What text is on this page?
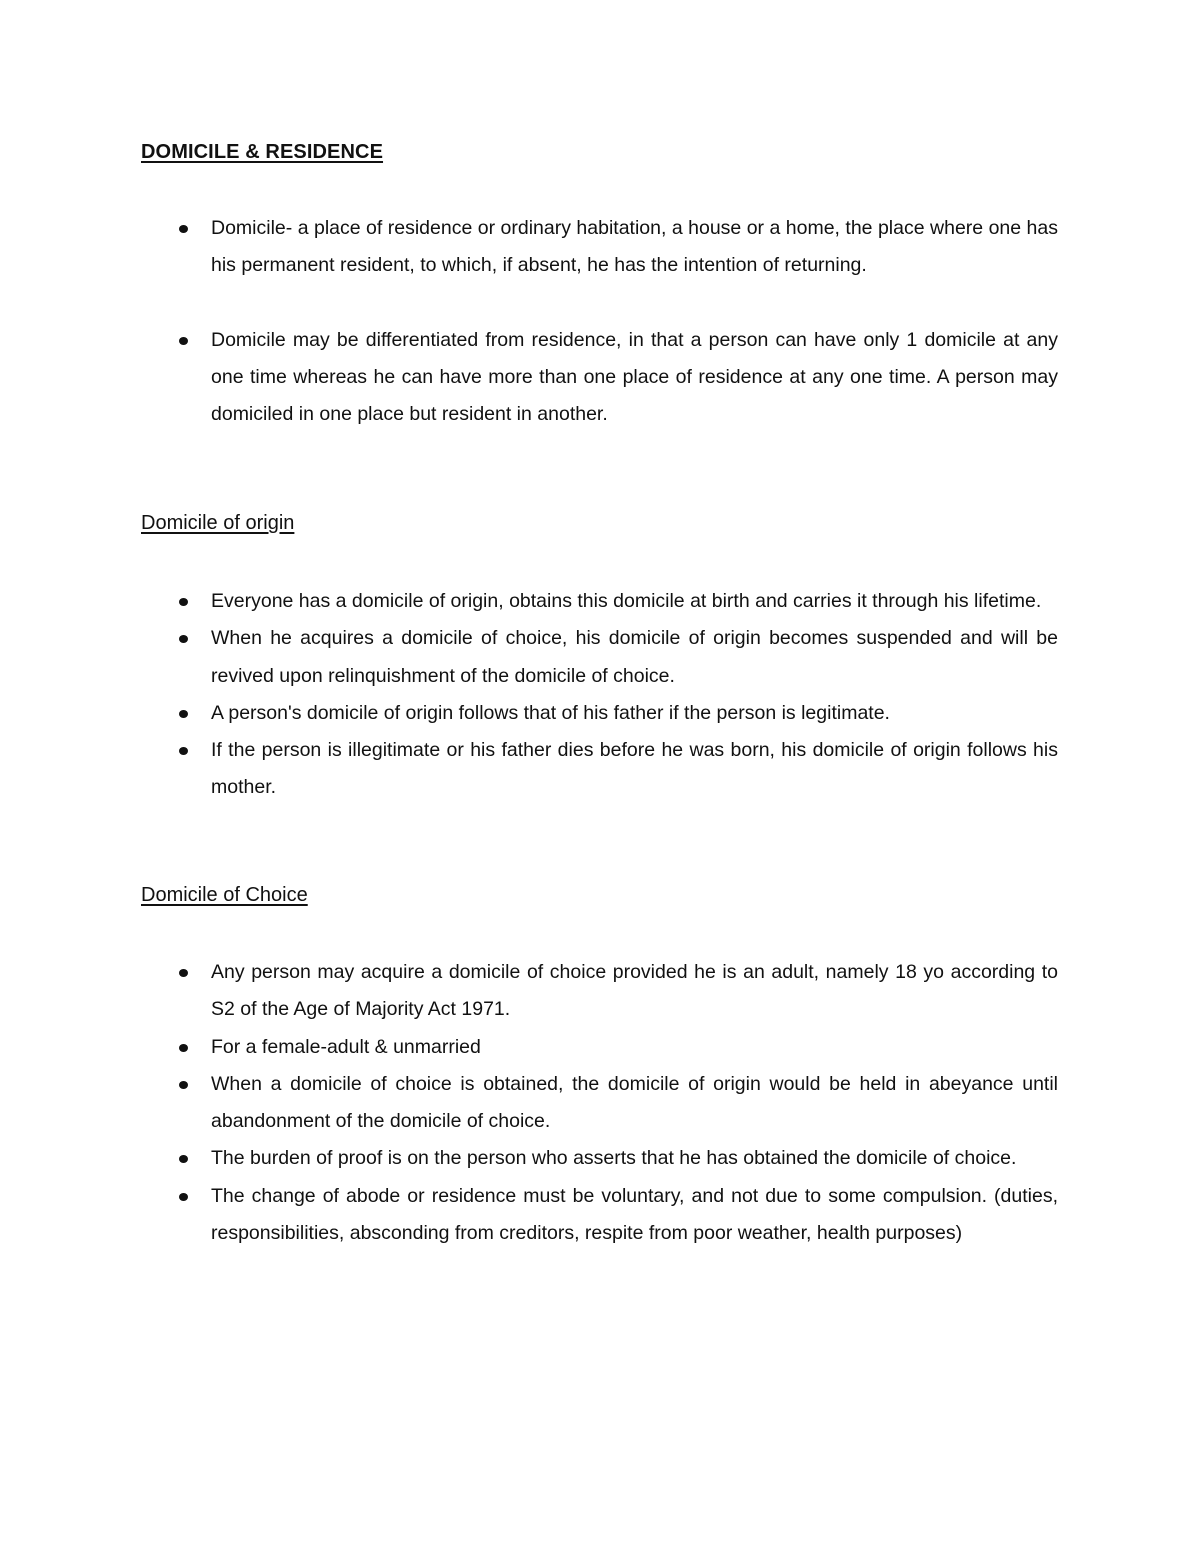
DOMICILE & RESIDENCE
Domicile- a place of residence or ordinary habitation, a house or a home, the place where one has his permanent resident, to which, if absent, he has the intention of returning.
Domicile may be differentiated from residence, in that a person can have only 1 domicile at any one time whereas he can have more than one place of residence at any one time. A person may domiciled in one place but resident in another.
Domicile of origin
Everyone has a domicile of origin, obtains this domicile at birth and carries it through his lifetime.
When he acquires a domicile of choice, his domicile of origin becomes suspended and will be revived upon relinquishment of the domicile of choice.
A person's domicile of origin follows that of his father if the person is legitimate.
If the person is illegitimate or his father dies before he was born, his domicile of origin follows his mother.
Domicile of Choice
Any person may acquire a domicile of choice provided he is an adult, namely 18 yo according to S2 of the Age of Majority Act 1971.
For a female-adult & unmarried
When a domicile of choice is obtained, the domicile of origin would be held in abeyance until abandonment of the domicile of choice.
The burden of proof is on the person who asserts that he has obtained the domicile of choice.
The change of abode or residence must be voluntary, and not due to some compulsion. (duties, responsibilities, absconding from creditors, respite from poor weather, health purposes)
